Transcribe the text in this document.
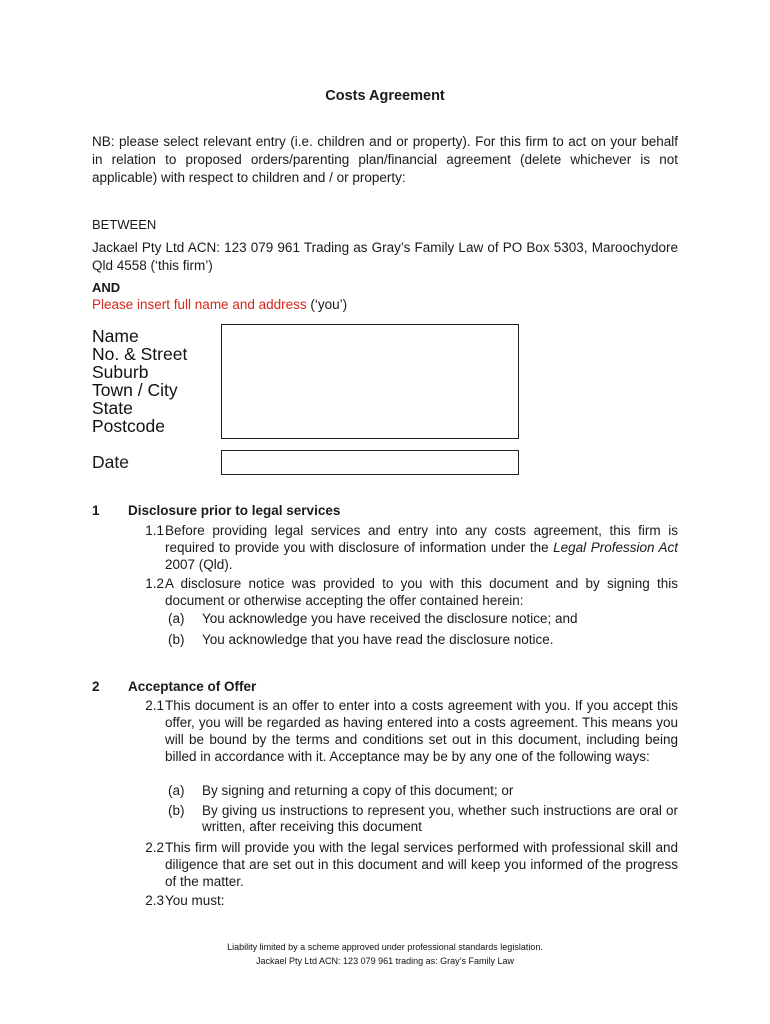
Costs Agreement
NB: please select relevant entry (i.e. children and or property). For this firm to act on your behalf in relation to proposed orders/parenting plan/financial agreement (delete whichever is not applicable) with respect to children and / or property:
BETWEEN
Jackael Pty Ltd ACN: 123 079 961 Trading as Gray’s Family Law of PO Box 5303, Maroochydore Qld 4558 (‘this firm’)
AND
Please insert full name and address (‘you’)
Name
No. & Street
Suburb
Town / City
State
Postcode
Date
1 Disclosure prior to legal services
1.1 Before providing legal services and entry into any costs agreement, this firm is required to provide you with disclosure of information under the Legal Profession Act 2007 (Qld).
1.2 A disclosure notice was provided to you with this document and by signing this document or otherwise accepting the offer contained herein:
(a) You acknowledge you have received the disclosure notice; and
(b) You acknowledge that you have read the disclosure notice.
2 Acceptance of Offer
2.1 This document is an offer to enter into a costs agreement with you. If you accept this offer, you will be regarded as having entered into a costs agreement. This means you will be bound by the terms and conditions set out in this document, including being billed in accordance with it. Acceptance may be by any one of the following ways:
(a) By signing and returning a copy of this document; or
(b) By giving us instructions to represent you, whether such instructions are oral or written, after receiving this document
2.2 This firm will provide you with the legal services performed with professional skill and diligence that are set out in this document and will keep you informed of the progress of the matter.
2.3 You must:
Liability limited by a scheme approved under professional standards legislation.
Jackael Pty Ltd ACN: 123 079 961 trading as: Gray’s Family Law
